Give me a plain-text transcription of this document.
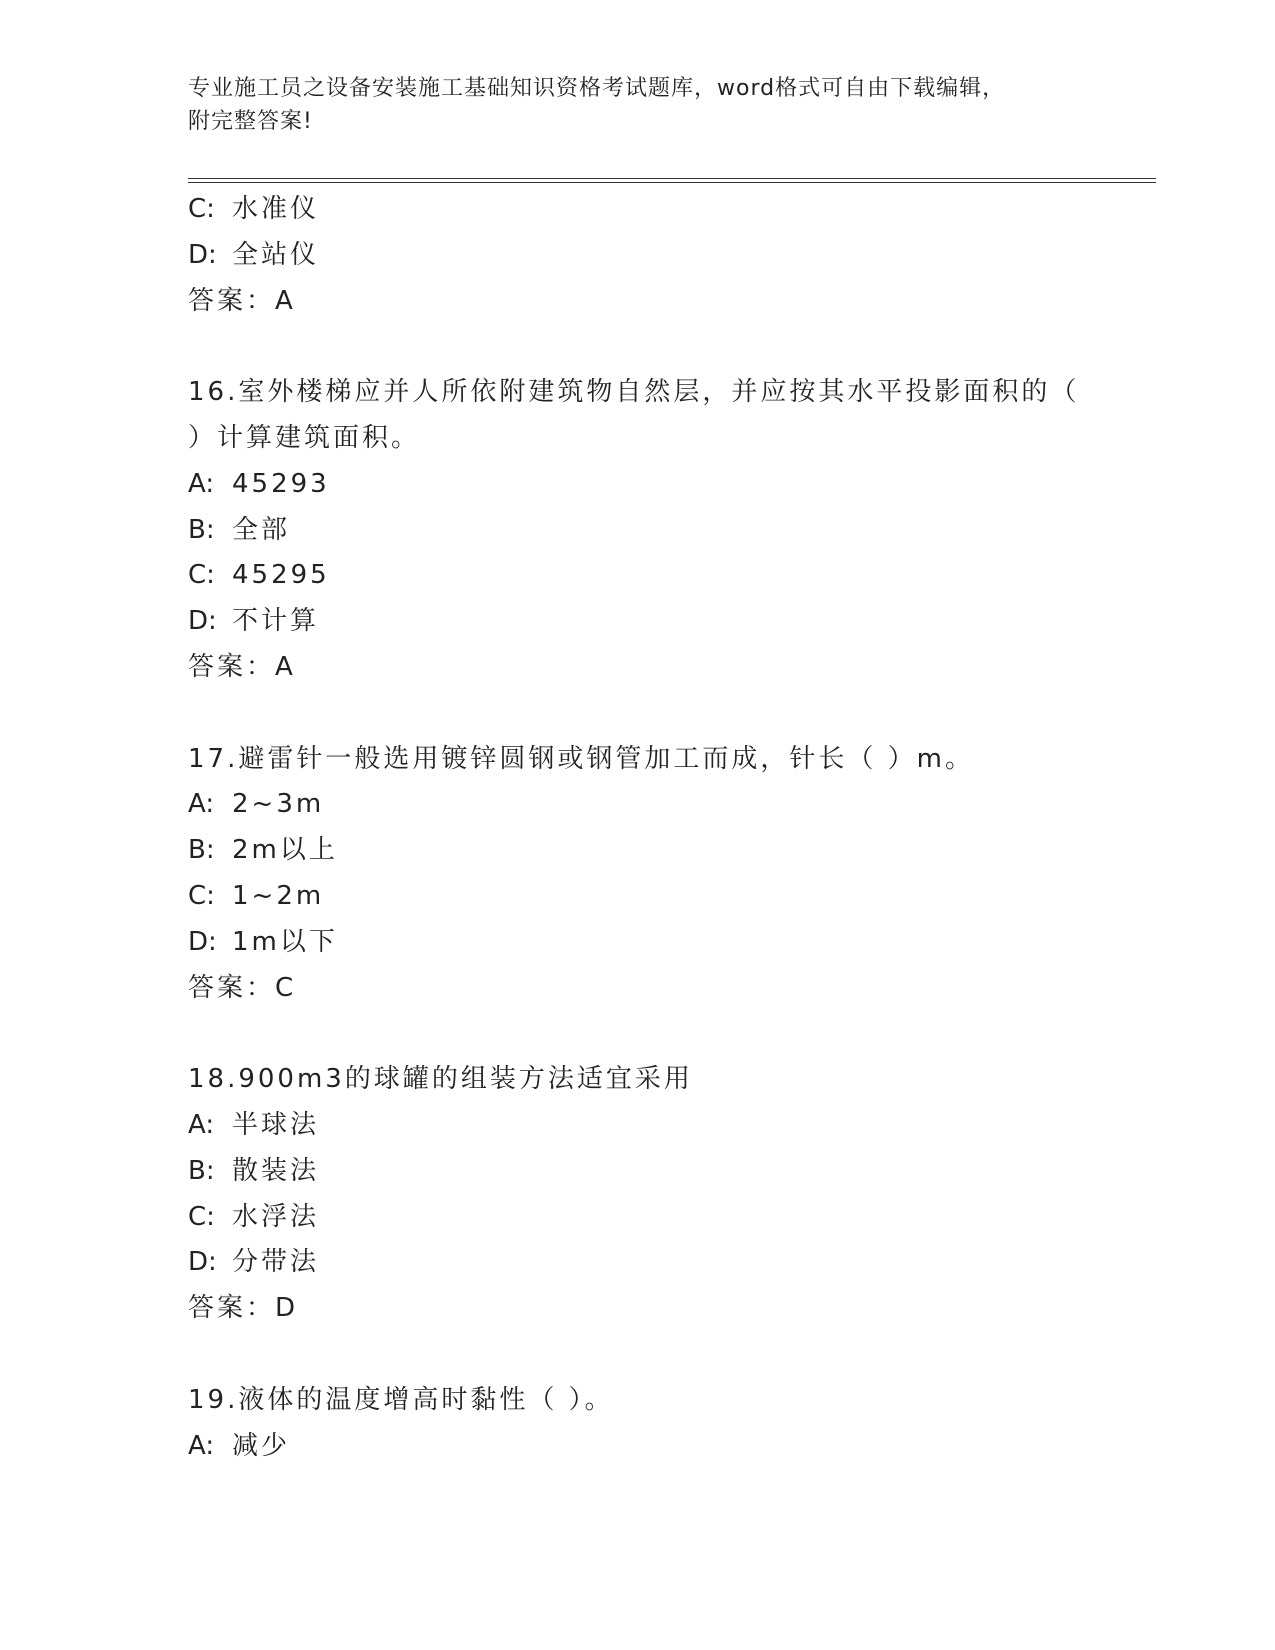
专业施工员之设备安装施工基础知识资格考试题库，word格式可自由下载编辑，
附完整答案!
C: 水准仪
D: 全站仪
答案：A
16.室外楼梯应并人所依附建筑物自然层，并应按其水平投影面积的（
）计算建筑面积。
A: 45293
B: 全部
C: 45295
D: 不计算
答案：A
17.避雷针一般选用镀锌圆钢或钢管加工而成，针长（ ）m。
A: 2~3m
B: 2m以上
C: 1~2m
D: 1m以下
答案：C
18.900m3的球罐的组装方法适宜采用
A: 半球法
B: 散装法
C: 水浮法
D: 分带法
答案：D
19.液体的温度增高时黏性（ ）。
A: 减少
